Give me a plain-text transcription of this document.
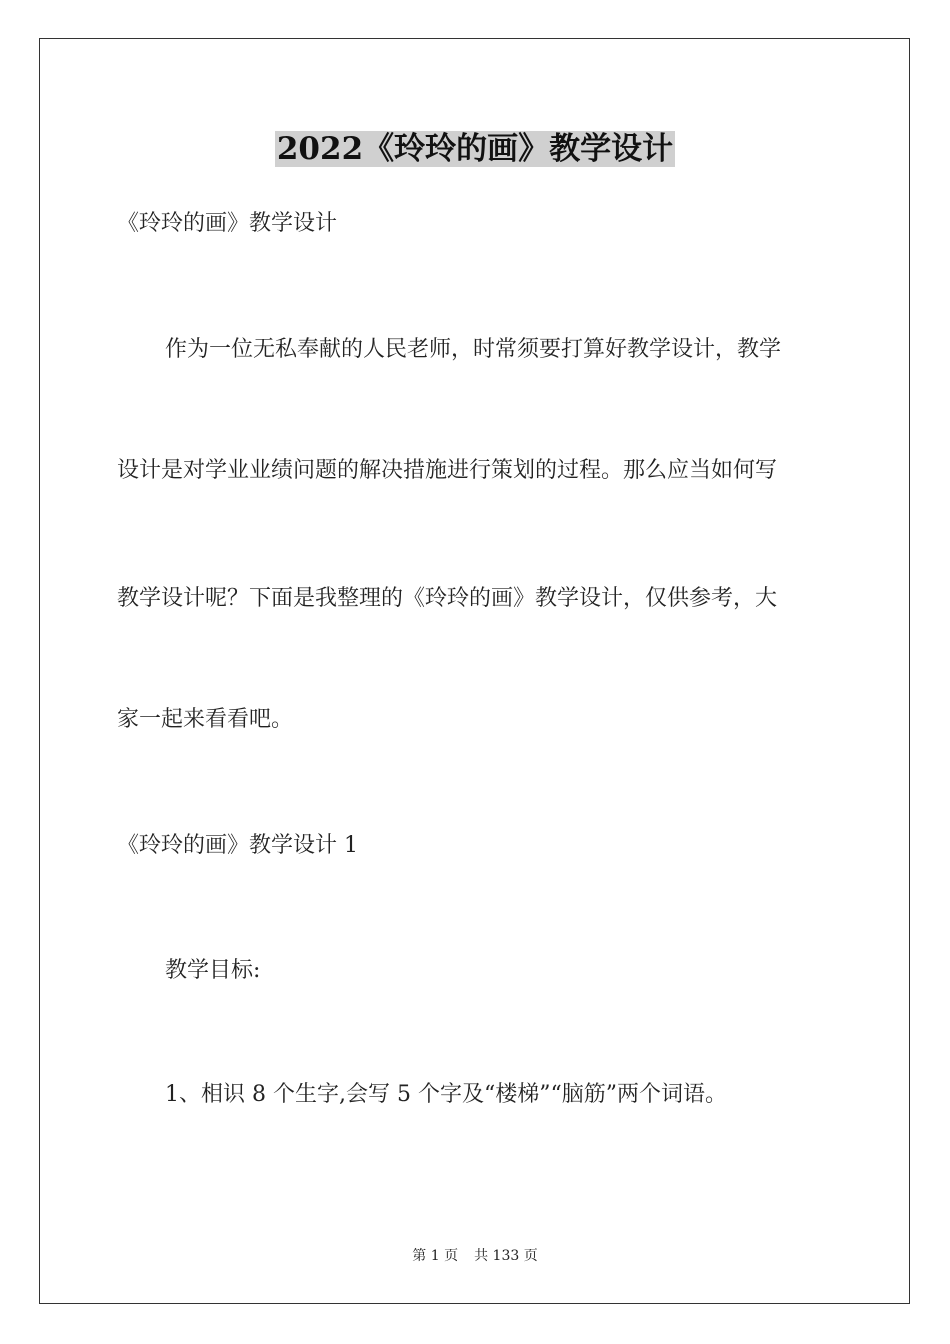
2022《玲玲的画》教学设计
《玲玲的画》教学设计
作为一位无私奉献的人民老师，时常须要打算好教学设计，教学
设计是对学业业绩问题的解决措施进行策划的过程。那么应当如何写
教学设计呢？下面是我整理的《玲玲的画》教学设计，仅供参考，大
家一起来看看吧。
《玲玲的画》教学设计 1
教学目标:
1、相识 8 个生字,会写 5 个字及“楼梯”“脑筋”两个词语。
第 1 页 共 133 页
